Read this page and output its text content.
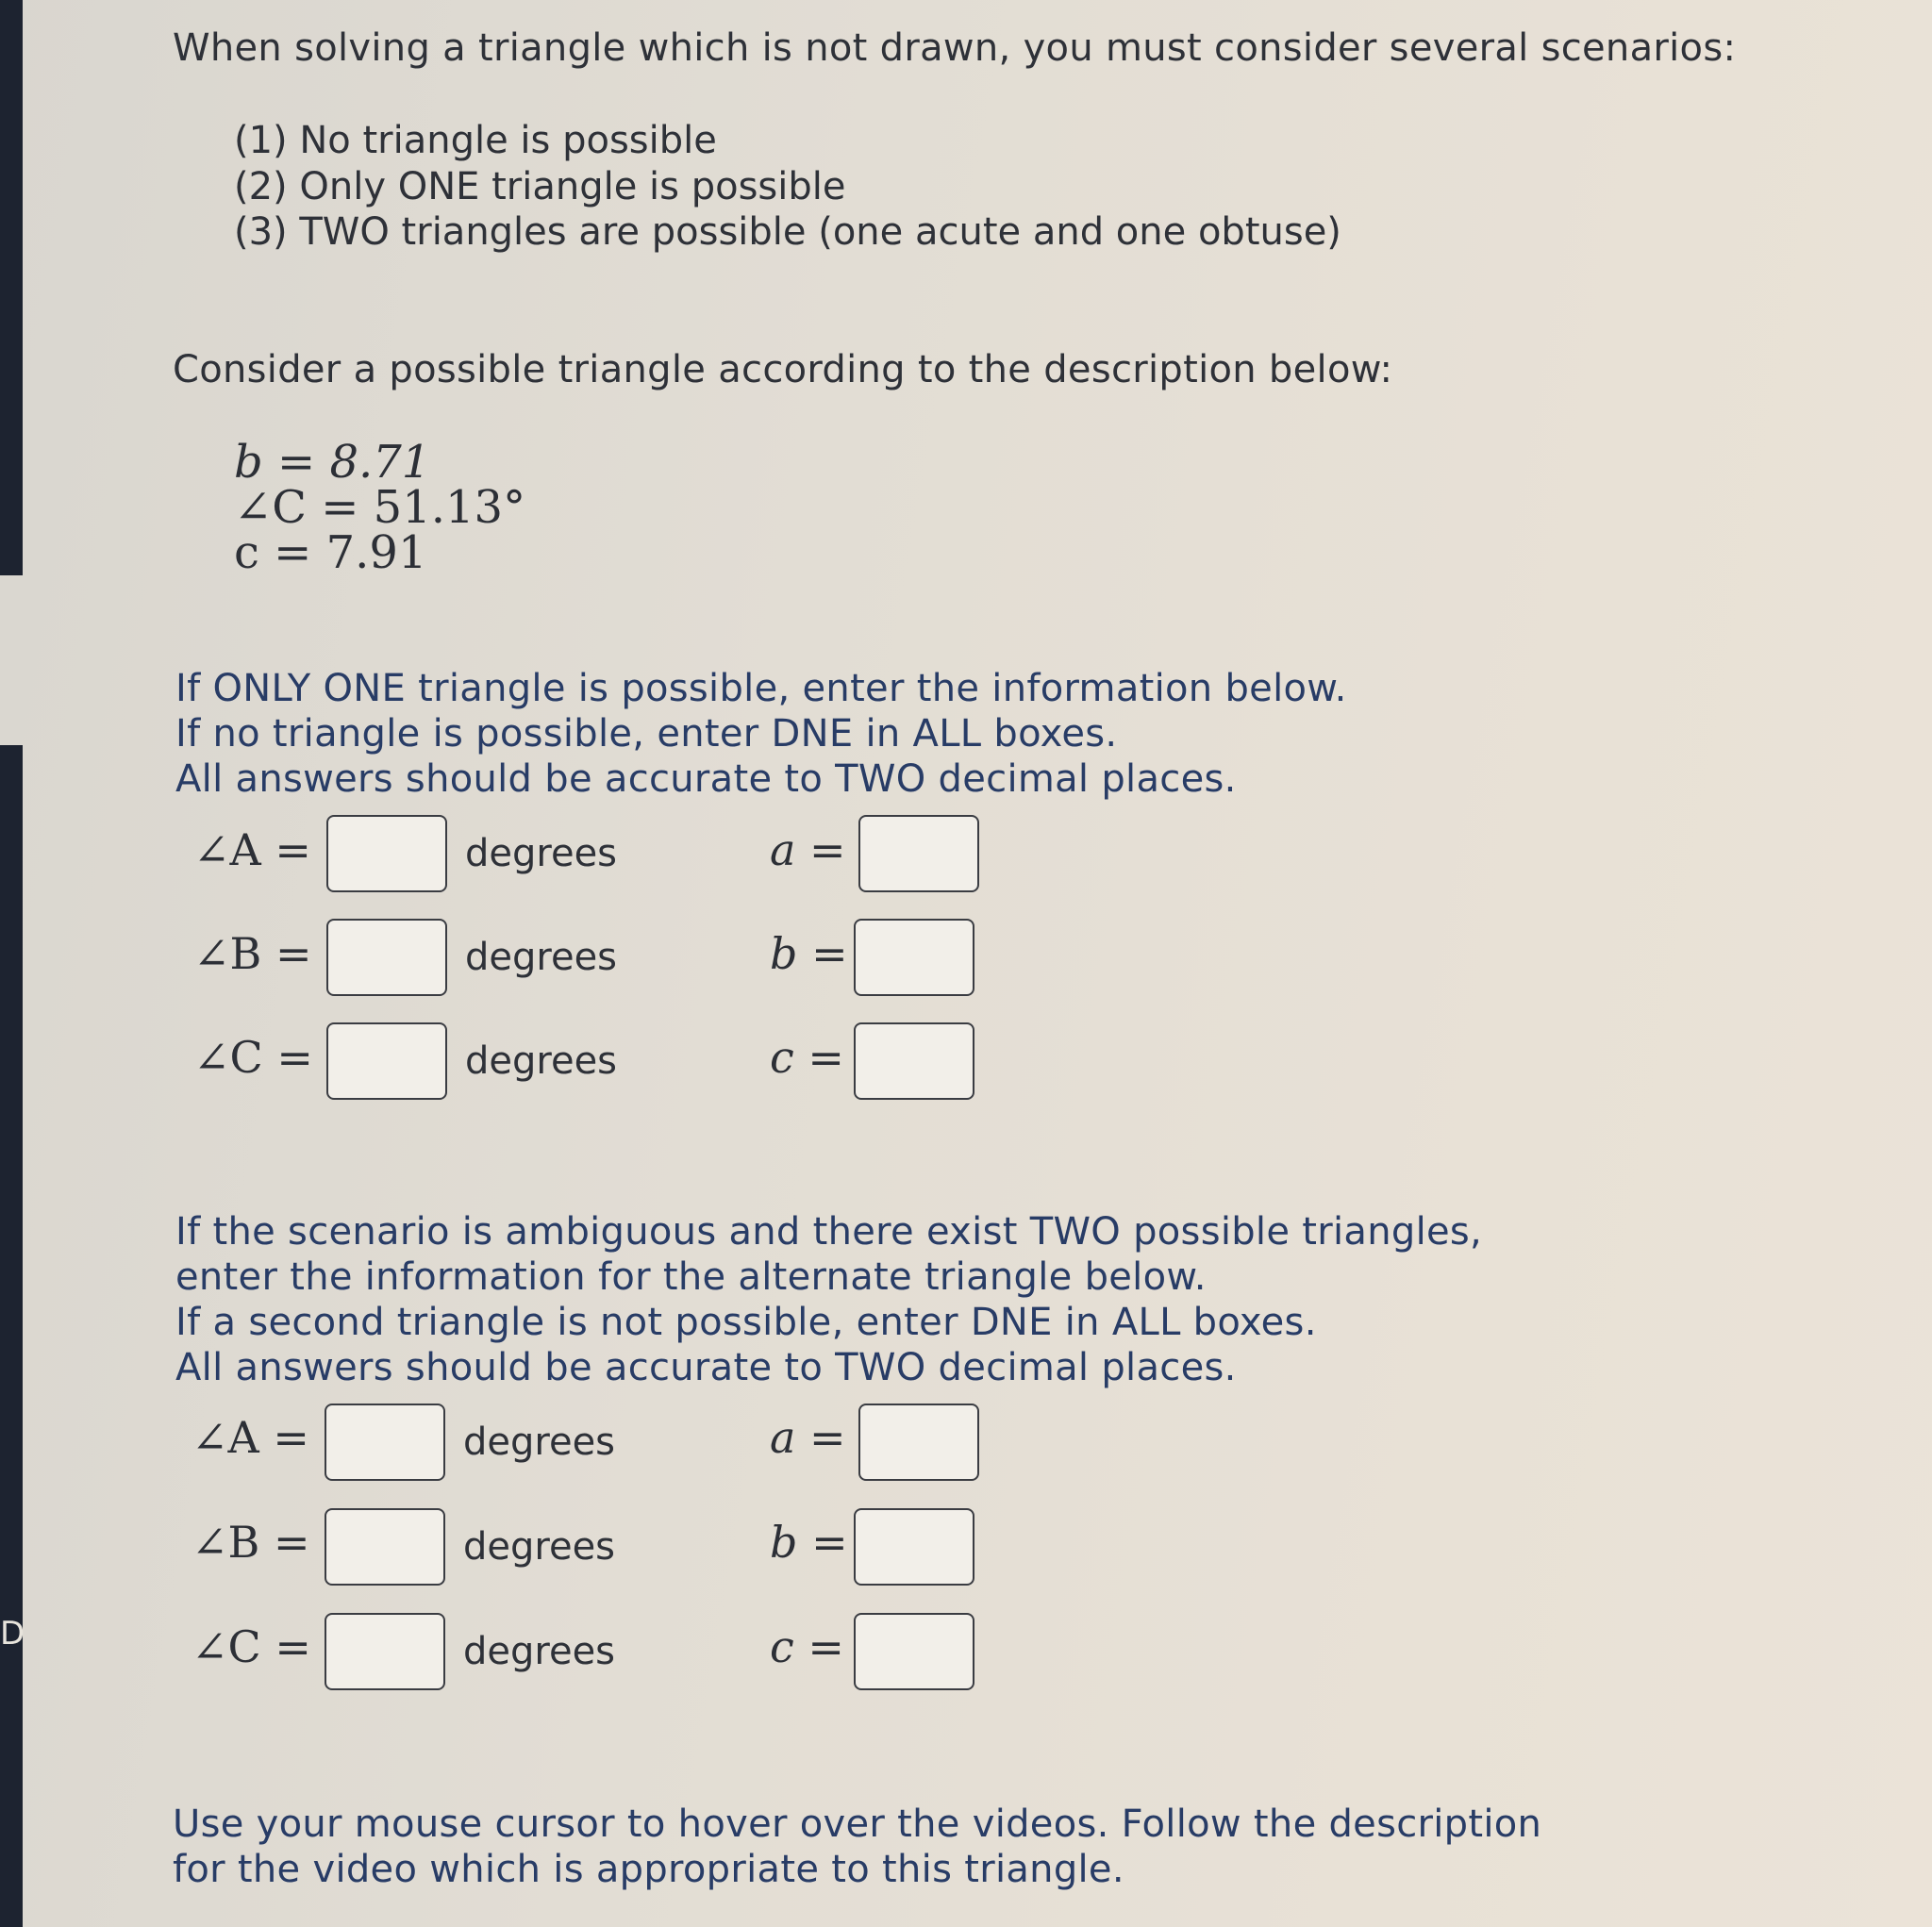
D
When solving a triangle which is not drawn, you must consider several scenarios:
(1) No triangle is possible
(2) Only ONE triangle is possible
(3) TWO triangles are possible (one acute and one obtuse)
Consider a possible triangle according to the description below:
b = 8.71
∠C = 51.13°
c = 7.91
If ONLY ONE triangle is possible, enter the information below.
If no triangle is possible, enter DNE in ALL boxes.
All answers should be accurate to TWO decimal places.
∠A =	degrees	a =
∠B =	degrees	b =
∠C =	degrees	c =
If the scenario is ambiguous and there exist TWO possible triangles,
enter the information for the alternate triangle below.
If a second triangle is not possible, enter DNE in ALL boxes.
All answers should be accurate to TWO decimal places.
∠A =	degrees	a =
∠B =	degrees	b =
∠C =	degrees	c =
Use your mouse cursor to hover over the videos. Follow the description
for the video which is appropriate to this triangle.
